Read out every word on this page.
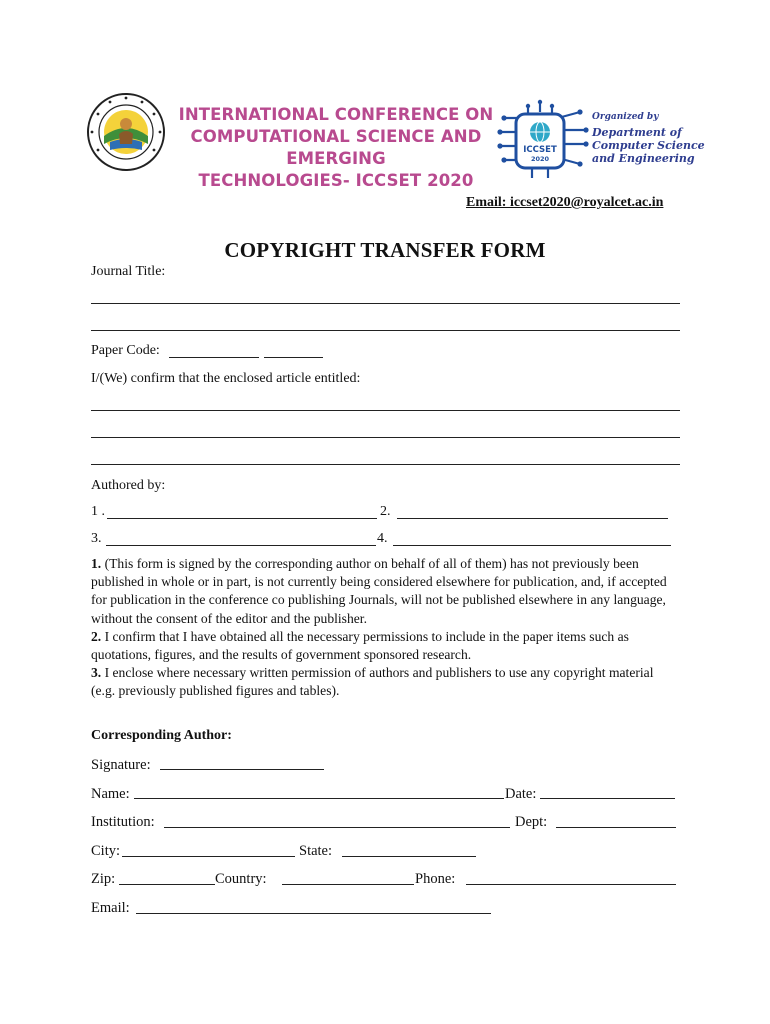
INTERNATIONAL CONFERENCE ON
COMPUTATIONAL SCIENCE AND EMERGING
TECHNOLOGIES- ICCSET 2020
ICCSET
2020
Organized by
Department of
Computer Science
and Engineering
Email: iccset2020@royalcet.ac.in
COPYRIGHT TRANSFER FORM
Journal Title:
Paper Code:
I/(We) confirm that the enclosed article entitled:
Authored by:
1 .	2.
3.	4.
1. (This form is signed by the corresponding author on behalf of all of them) has not previously been published in whole or in part, is not currently being considered elsewhere for publication, and, if accepted for publication in the conference co publishing Journals, will not be published elsewhere in any language, without the consent of the editor and the publisher.
2. I confirm that I have obtained all the necessary permissions to include in the paper items such as quotations, figures, and the results of government sponsored research.
3. I enclose where necessary written permission of authors and publishers to use any copyright material (e.g. previously published figures and tables).
Corresponding Author:
Signature:
Name:	Date:
Institution:	Dept:
City:	State:
Zip:	Country:	Phone:
Email:
